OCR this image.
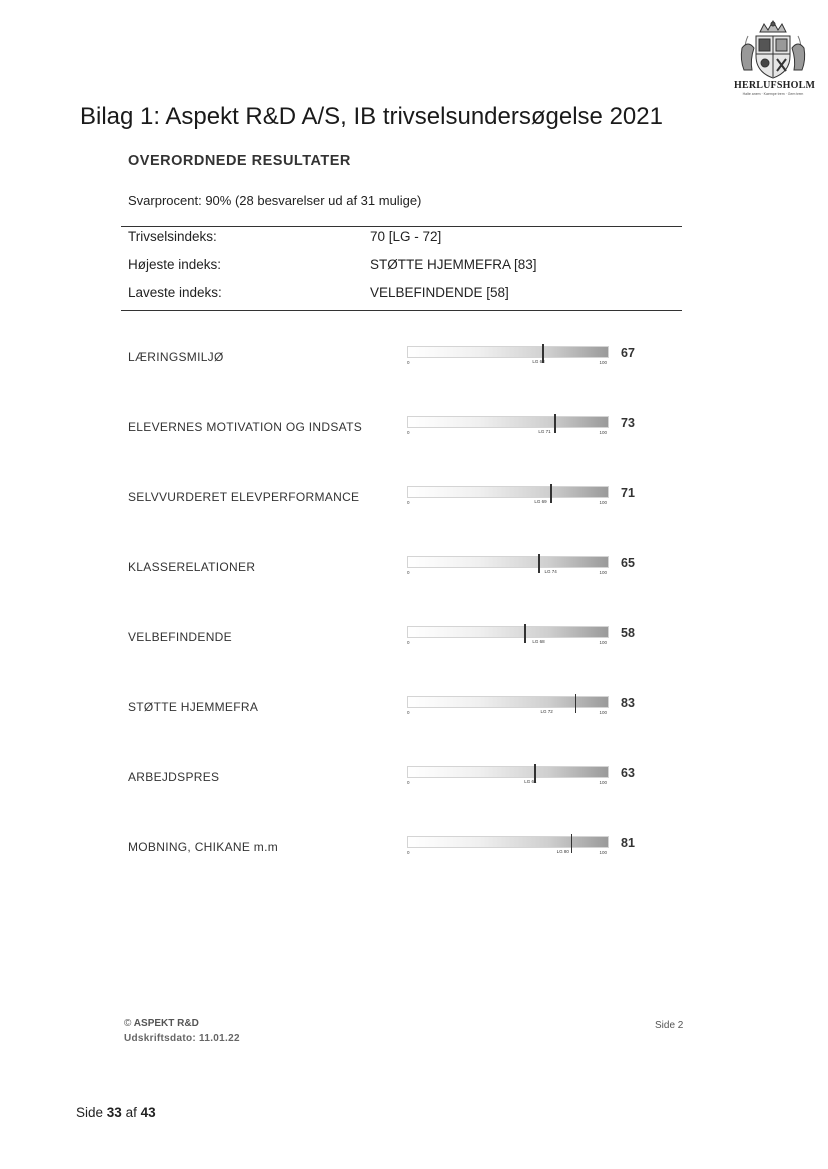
HERLUFSHOLM
Halte anem · Kaempe trem · Gem trem
Bilag 1: Aspekt R&D A/S, IB trivselsundersøgelse 2021
OVERORDNEDE RESULTATER
Svarprocent: 90% (28 besvarelser ud af 31 mulige)
Trivselsindeks:	70 [LG - 72]
Højeste indeks:	STØTTE HJEMMEFRA [83]
Laveste indeks:	VELBEFINDENDE [58]
LÆRINGSMILJØ	LG 68
0	100
67
ELEVERNES MOTIVATION OG INDSATS	LG 71
0	100
73
SELVVURDERET ELEVPERFORMANCE	LG 69
0	100
71
KLASSERELATIONER	LG 74
0	100
65
VELBEFINDENDE	LG 68
0	100
58
STØTTE HJEMMEFRA	LG 72
0	100
83
ARBEJDSPRES	LG 64
0	100
63
MOBNING, CHIKANE m.m	LG 80
0	100
81
© ASPEKT R&D
Udskriftsdato: 11.01.22
Side 2
Side 33 af 43
